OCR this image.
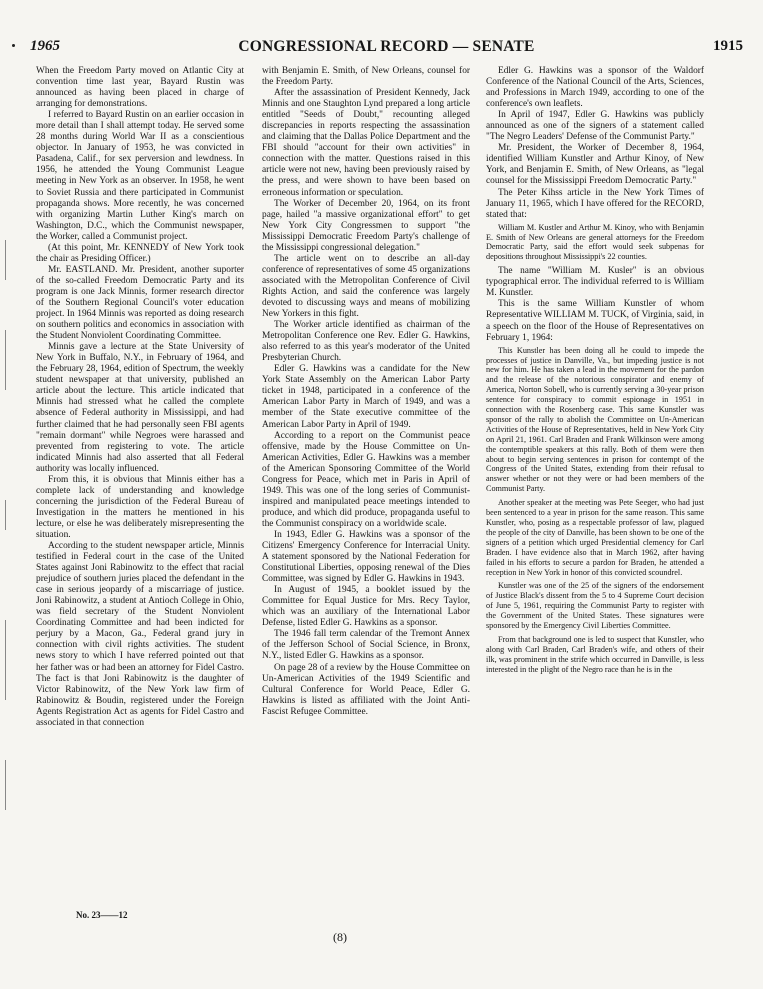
1965	CONGRESSIONAL RECORD — SENATE	1915

When the Freedom Party moved on Atlantic City at convention time last year, Bayard Rustin was announced as having been placed in charge of arranging for demonstrations.

I referred to Bayard Rustin on an earlier occasion in more detail than I shall attempt today. He served some 28 months during World War II as a conscientious objector. In January of 1953, he was convicted in Pasadena, Calif., for sex perversion and lewdness. In 1956, he attended the Young Communist League meeting in New York as an observer. In 1958, he went to Soviet Russia and there participated in Communist propaganda shows. More recently, he was concerned with organizing Martin Luther King's march on Washington, D.C., which the Communist newspaper, the Worker, called a Communist project.

(At this point, Mr. KENNEDY of New York took the chair as Presiding Officer.)

Mr. EASTLAND. Mr. President, another suporter of the so-called Freedom Democratic Party and its program is one Jack Minnis, former research director of the Southern Regional Council's voter education project. In 1964 Minnis was reported as doing research on southern politics and economics in association with the Student Nonviolent Coordinating Committee.

Minnis gave a lecture at the State University of New York in Buffalo, N.Y., in February of 1964, and the February 28, 1964, edition of Spectrum, the weekly student newspaper at that university, published an article about the lecture. This article indicated that Minnis had stressed what he called the complete absence of Federal authority in Mississippi, and had further claimed that he had personally seen FBI agents "remain dormant" while Negroes were harassed and prevented from registering to vote. The article indicated Minnis had also asserted that all Federal authority was locally influenced.

From this, it is obvious that Minnis either has a complete lack of understanding and knowledge concerning the jurisdiction of the Federal Bureau of Investigation in the matters he mentioned in his lecture, or else he was deliberately misrepresenting the situation.

According to the student newspaper article, Minnis testified in Federal court in the case of the United States against Joni Rabinowitz to the effect that racial prejudice of southern juries placed the defendant in the case in serious jeopardy of a miscarriage of justice. Joni Rabinowitz, a student at Antioch College in Ohio, was field secretary of the Student Nonviolent Coordinating Committee and had been indicted for perjury by a Macon, Ga., Federal grand jury in connection with civil rights activities. The student news story to which I have referred pointed out that her father was or had been an attorney for Fidel Castro. The fact is that Joni Rabinowitz is the daughter of Victor Rabinowitz, of the New York law firm of Rabinowitz & Boudin, registered under the Foreign Agents Registration Act as agents for Fidel Castro and associated in that connection

with Benjamin E. Smith, of New Orleans, counsel for the Freedom Party.

After the assassination of President Kennedy, Jack Minnis and one Staughton Lynd prepared a long article entitled "Seeds of Doubt," recounting alleged discrepancies in reports respecting the assassination and claiming that the Dallas Police Department and the FBI should "account for their own activities" in connection with the matter. Questions raised in this article were not new, having been previously raised by the press, and were shown to have been based on erroneous information or speculation.

The Worker of December 20, 1964, on its front page, hailed "a massive organizational effort" to get New York City Congressmen to support "the Mississippi Democratic Freedom Party's challenge of the Mississippi congressional delegation."

The article went on to describe an all-day conference of representatives of some 45 organizations associated with the Metropolitan Conference of Civil Rights Action, and said the conference was largely devoted to discussing ways and means of mobilizing New Yorkers in this fight.

The Worker article identified as chairman of the Metropolitan Conference one Rev. Edler G. Hawkins, also referred to as this year's moderator of the United Presbyterian Church.

Edler G. Hawkins was a candidate for the New York State Assembly on the American Labor Party ticket in 1948, participated in a conference of the American Labor Party in March of 1949, and was a member of the State executive committee of the American Labor Party in April of 1949.

According to a report on the Communist peace offensive, made by the House Committee on Un-American Activities, Edler G. Hawkins was a member of the American Sponsoring Committee of the World Congress for Peace, which met in Paris in April of 1949. This was one of the long series of Communist-inspired and manipulated peace meetings intended to produce, and which did produce, propaganda useful to the Communist conspiracy on a worldwide scale.

In 1943, Edler G. Hawkins was a sponsor of the Citizens' Emergency Conference for Interracial Unity. A statement sponsored by the National Federation for Constitutional Liberties, opposing renewal of the Dies Committee, was signed by Edler G. Hawkins in 1943.

In August of 1945, a booklet issued by the Committee for Equal Justice for Mrs. Recy Taylor, which was an auxiliary of the International Labor Defense, listed Edler G. Hawkins as a sponsor.

The 1946 fall term calendar of the Tremont Annex of the Jefferson School of Social Science, in Bronx, N.Y., listed Edler G. Hawkins as a sponsor.

On page 28 of a review by the House Committee on Un-American Activities of the 1949 Scientific and Cultural Conference for World Peace, Edler G. Hawkins is listed as affiliated with the Joint Anti-Fascist Refugee Committee.

Edler G. Hawkins was a sponsor of the Waldorf Conference of the National Council of the Arts, Sciences, and Professions in March 1949, according to one of the conference's own leaflets.

In April of 1947, Edler G. Hawkins was publicly announced as one of the signers of a statement called "The Negro Leaders' Defense of the Communist Party."

Mr. President, the Worker of December 8, 1964, identified William Kunstler and Arthur Kinoy, of New York, and Benjamin E. Smith, of New Orleans, as "legal counsel for the Mississippi Freedom Democratic Party."

The Peter Kihss article in the New York Times of January 11, 1965, which I have offered for the RECORD, stated that:

William M. Kustler and Arthur M. Kinoy, who with Benjamin E. Smith of New Orleans are general attorneys for the Freedom Democratic Party, said the effort would seek subpenas for depositions throughout Mississippi's 22 counties.

The name "William M. Kusler" is an obvious typographical error. The individual referred to is William M. Kunstler.

This is the same William Kunstler of whom Representative WILLIAM M. TUCK, of Virginia, said, in a speech on the floor of the House of Representatives on February 1, 1964:

This Kunstler has been doing all he could to impede the processes of justice in Danville, Va., but impeding justice is not new for him. He has taken a lead in the movement for the pardon and the release of the notorious conspirator and enemy of America, Norton Sobell, who is currently serving a 30-year prison sentence for conspiracy to commit espionage in 1951 in connection with the Rosenberg case. This same Kunstler was sponsor of the rally to abolish the Committee on Un-American Activities of the House of Representatives, held in New York City on April 21, 1961. Carl Braden and Frank Wilkinson were among the contemptible speakers at this rally. Both of them were then about to begin serving sentences in prison for contempt of the Congress of the United States, extending from their refusal to answer whether or not they were or had been members of the Communist Party.

Another speaker at the meeting was Pete Seeger, who had just been sentenced to a year in prison for the same reason. This same Kunstler, who, posing as a respectable professor of law, plagued the people of the city of Danville, has been shown to be one of the signers of a petition which urged Presidential clemency for Carl Braden. I have evidence also that in March 1962, after having failed in his efforts to secure a pardon for Braden, he attended a reception in New York in honor of this convicted scoundrel.

Kunstler was one of the 25 of the signers of the endorsement of Justice Black's dissent from the 5 to 4 Supreme Court decision of June 5, 1961, requiring the Communist Party to register with the Government of the United States. These signatures were sponsored by the Emergency Civil Liberties Committee.

From that background one is led to suspect that Kunstler, who along with Carl Braden, Carl Braden's wife, and others of their ilk, was prominent in the strife which occurred in Danville, is less interested in the plight of the Negro race than he is in the

No. 23——12
(8)
